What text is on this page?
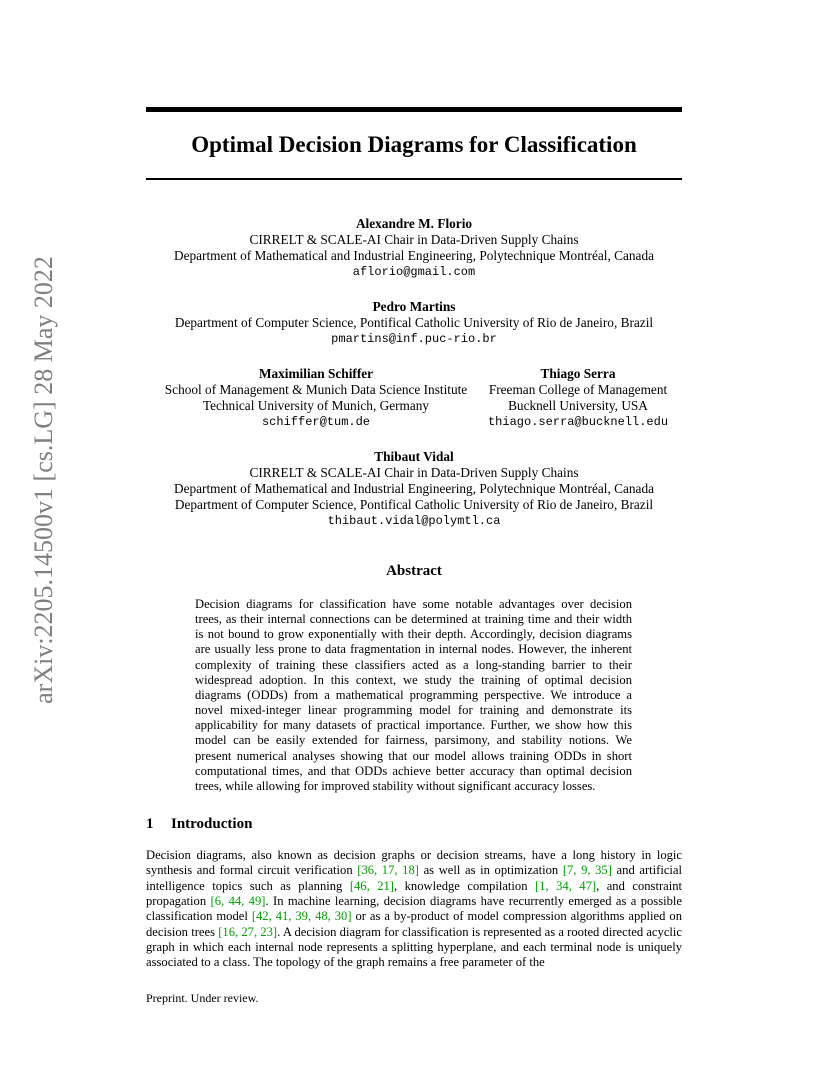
arXiv:2205.14500v1 [cs.LG] 28 May 2022
Optimal Decision Diagrams for Classification
Alexandre M. Florio
CIRRELT & SCALE-AI Chair in Data-Driven Supply Chains
Department of Mathematical and Industrial Engineering, Polytechnique Montréal, Canada
aflorio@gmail.com
Pedro Martins
Department of Computer Science, Pontifical Catholic University of Rio de Janeiro, Brazil
pmartins@inf.puc-rio.br
Maximilian Schiffer
School of Management & Munich Data Science Institute
Technical University of Munich, Germany
schiffer@tum.de
Thiago Serra
Freeman College of Management
Bucknell University, USA
thiago.serra@bucknell.edu
Thibaut Vidal
CIRRELT & SCALE-AI Chair in Data-Driven Supply Chains
Department of Mathematical and Industrial Engineering, Polytechnique Montréal, Canada
Department of Computer Science, Pontifical Catholic University of Rio de Janeiro, Brazil
thibaut.vidal@polymtl.ca
Abstract
Decision diagrams for classification have some notable advantages over decision trees, as their internal connections can be determined at training time and their width is not bound to grow exponentially with their depth. Accordingly, decision diagrams are usually less prone to data fragmentation in internal nodes. However, the inherent complexity of training these classifiers acted as a long-standing barrier to their widespread adoption. In this context, we study the training of optimal decision diagrams (ODDs) from a mathematical programming perspective. We introduce a novel mixed-integer linear programming model for training and demonstrate its applicability for many datasets of practical importance. Further, we show how this model can be easily extended for fairness, parsimony, and stability notions. We present numerical analyses showing that our model allows training ODDs in short computational times, and that ODDs achieve better accuracy than optimal decision trees, while allowing for improved stability without significant accuracy losses.
1 Introduction
Decision diagrams, also known as decision graphs or decision streams, have a long history in logic synthesis and formal circuit verification [36, 17, 18] as well as in optimization [7, 9, 35] and artificial intelligence topics such as planning [46, 21], knowledge compilation [1, 34, 47], and constraint propagation [6, 44, 49]. In machine learning, decision diagrams have recurrently emerged as a possible classification model [42, 41, 39, 48, 30] or as a by-product of model compression algorithms applied on decision trees [16, 27, 23]. A decision diagram for classification is represented as a rooted directed acyclic graph in which each internal node represents a splitting hyperplane, and each terminal node is uniquely associated to a class. The topology of the graph remains a free parameter of the
Preprint. Under review.
